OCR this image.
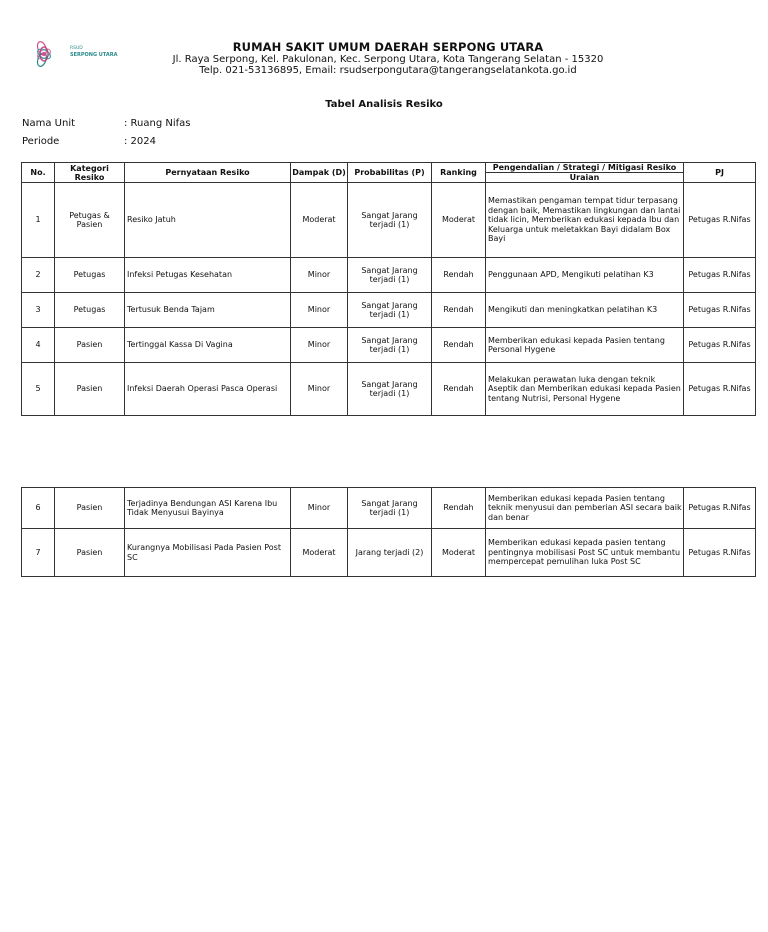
RSUD
SERPONG UTARA
RUMAH SAKIT UMUM DAERAH SERPONG UTARA
Jl. Raya Serpong, Kel. Pakulonan, Kec. Serpong Utara, Kota Tangerang Selatan - 15320
Telp. 021-53136895, Email: rsudserpongutara@tangerangselatankota.go.id
Tabel Analisis Resiko
Nama Unit	: Ruang Nifas
Periode	: 2024
No.	Kategori Resiko	Pernyataan Resiko	Dampak (D)	Probabilitas (P)	Ranking	Pengendalian / Strategi / Mitigasi Resiko	PJ
						Uraian	
1	Petugas & Pasien	Resiko Jatuh	Moderat	Sangat Jarang terjadi (1)	Moderat	Memastikan pengaman tempat tidur terpasang dengan baik, Memastikan lingkungan dan lantai tidak licin, Memberikan edukasi kepada Ibu dan Keluarga untuk meletakkan Bayi didalam Box Bayi	Petugas R.Nifas
2	Petugas	Infeksi Petugas Kesehatan	Minor	Sangat Jarang terjadi (1)	Rendah	Penggunaan APD, Mengikuti pelatihan K3	Petugas R.Nifas
3	Petugas	Tertusuk Benda Tajam	Minor	Sangat Jarang terjadi (1)	Rendah	Mengikuti dan meningkatkan pelatihan K3	Petugas R.Nifas
4	Pasien	Tertinggal Kassa Di Vagina	Minor	Sangat Jarang terjadi (1)	Rendah	Memberikan edukasi kepada Pasien tentang Personal Hygene	Petugas R.Nifas
5	Pasien	Infeksi Daerah Operasi Pasca Operasi	Minor	Sangat Jarang terjadi (1)	Rendah	Melakukan perawatan luka dengan teknik Aseptik dan Memberikan edukasi kepada Pasien tentang Nutrisi, Personal Hygene	Petugas R.Nifas
6	Pasien	Terjadinya Bendungan ASI Karena Ibu Tidak Menyusui Bayinya	Minor	Sangat Jarang terjadi (1)	Rendah	Memberikan edukasi kepada Pasien tentang teknik menyusui dan pemberian ASI secara baik dan benar	Petugas R.Nifas
7	Pasien	Kurangnya Mobilisasi Pada Pasien Post SC	Moderat	Jarang terjadi (2)	Moderat	Memberikan edukasi kepada pasien tentang pentingnya mobilisasi Post SC untuk membantu mempercepat pemulihan luka Post SC	Petugas R.Nifas
